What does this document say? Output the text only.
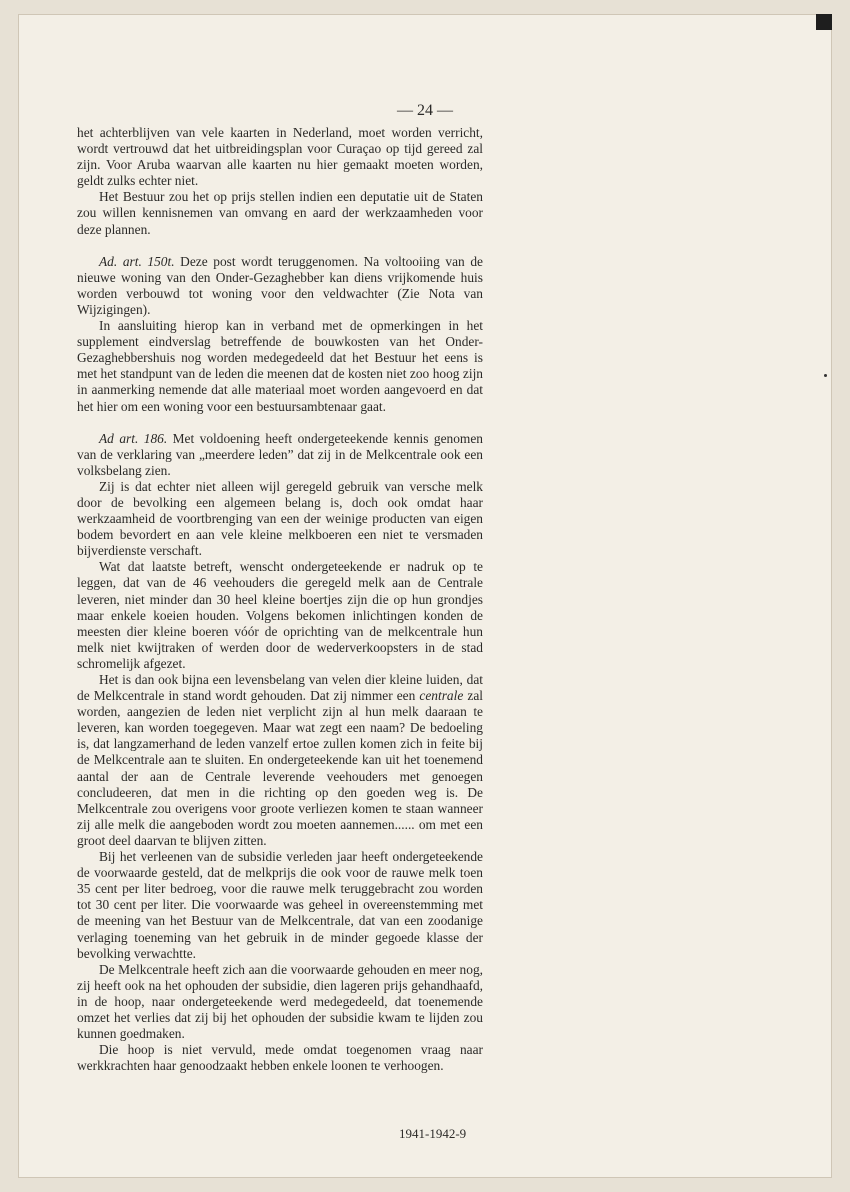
— 24 —

het achterblijven van vele kaarten in Nederland, moet worden verricht, wordt vertrouwd dat het uitbreidingsplan voor Curaçao op tijd gereed zal zijn. Voor Aruba waarvan alle kaarten nu hier gemaakt moeten worden, geldt zulks echter niet.

Het Bestuur zou het op prijs stellen indien een deputatie uit de Staten zou willen kennisnemen van omvang en aard der werkzaamheden voor deze plannen.

Ad. art. 150t. Deze post wordt teruggenomen. Na voltooiing van de nieuwe woning van den Onder-Gezaghebber kan diens vrijkomende huis worden verbouwd tot woning voor den veldwachter (Zie Nota van Wijzigingen).

In aansluiting hierop kan in verband met de opmerkingen in het supplement eindverslag betreffende de bouwkosten van het Onder-Gezaghebbershuis nog worden medegedeeld dat het Bestuur het eens is met het standpunt van de leden die meenen dat de kosten niet zoo hoog zijn in aanmerking nemende dat alle materiaal moet worden aangevoerd en dat het hier om een woning voor een bestuursambtenaar gaat.

Ad art. 186. Met voldoening heeft ondergeteekende kennis genomen van de verklaring van „meerdere leden” dat zij in de Melkcentrale ook een volksbelang zien.

Zij is dat echter niet alleen wijl geregeld gebruik van versche melk door de bevolking een algemeen belang is, doch ook omdat haar werkzaamheid de voortbrenging van een der weinige producten van eigen bodem bevordert en aan vele kleine melkboeren een niet te versmaden bijverdienste verschaft.

Wat dat laatste betreft, wenscht ondergeteekende er nadruk op te leggen, dat van de 46 veehouders die geregeld melk aan de Centrale leveren, niet minder dan 30 heel kleine boertjes zijn die op hun grondjes maar enkele koeien houden. Volgens bekomen inlichtingen konden de meesten dier kleine boeren vóór de oprichting van de melkcentrale hun melk niet kwijtraken of werden door de wederverkoopsters in de stad schromelijk afgezet.

Het is dan ook bijna een levensbelang van velen dier kleine luiden, dat de Melkcentrale in stand wordt gehouden. Dat zij nimmer een centrale zal worden, aangezien de leden niet verplicht zijn al hun melk daaraan te leveren, kan worden toegegeven. Maar wat zegt een naam? De bedoeling is, dat langzamerhand de leden vanzelf ertoe zullen komen zich in feite bij de Melkcentrale aan te sluiten. En ondergeteekende kan uit het toenemend aantal der aan de Centrale leverende veehouders met genoegen concludeeren, dat men in die richting op den goeden weg is. De Melkcentrale zou overigens voor groote verliezen komen te staan wanneer zij alle melk die aangeboden wordt zou moeten aannemen...... om met een groot deel daarvan te blijven zitten.

Bij het verleenen van de subsidie verleden jaar heeft ondergeteekende de voorwaarde gesteld, dat de melkprijs die ook voor de rauwe melk toen 35 cent per liter bedroeg, voor die rauwe melk teruggebracht zou worden tot 30 cent per liter. Die voorwaarde was geheel in overeenstemming met de meening van het Bestuur van de Melkcentrale, dat van een zoodanige verlaging toeneming van het gebruik in de minder gegoede klasse der bevolking verwachtte.

De Melkcentrale heeft zich aan die voorwaarde gehouden en meer nog, zij heeft ook na het ophouden der subsidie, dien lageren prijs gehandhaafd, in de hoop, naar ondergeteekende werd medegedeeld, dat toenemende omzet het verlies dat zij bij het ophouden der subsidie kwam te lijden zou kunnen goedmaken.

Die hoop is niet vervuld, mede omdat toegenomen vraag naar werkkrachten haar genoodzaakt hebben enkele loonen te verhoogen.

1941-1942-9
